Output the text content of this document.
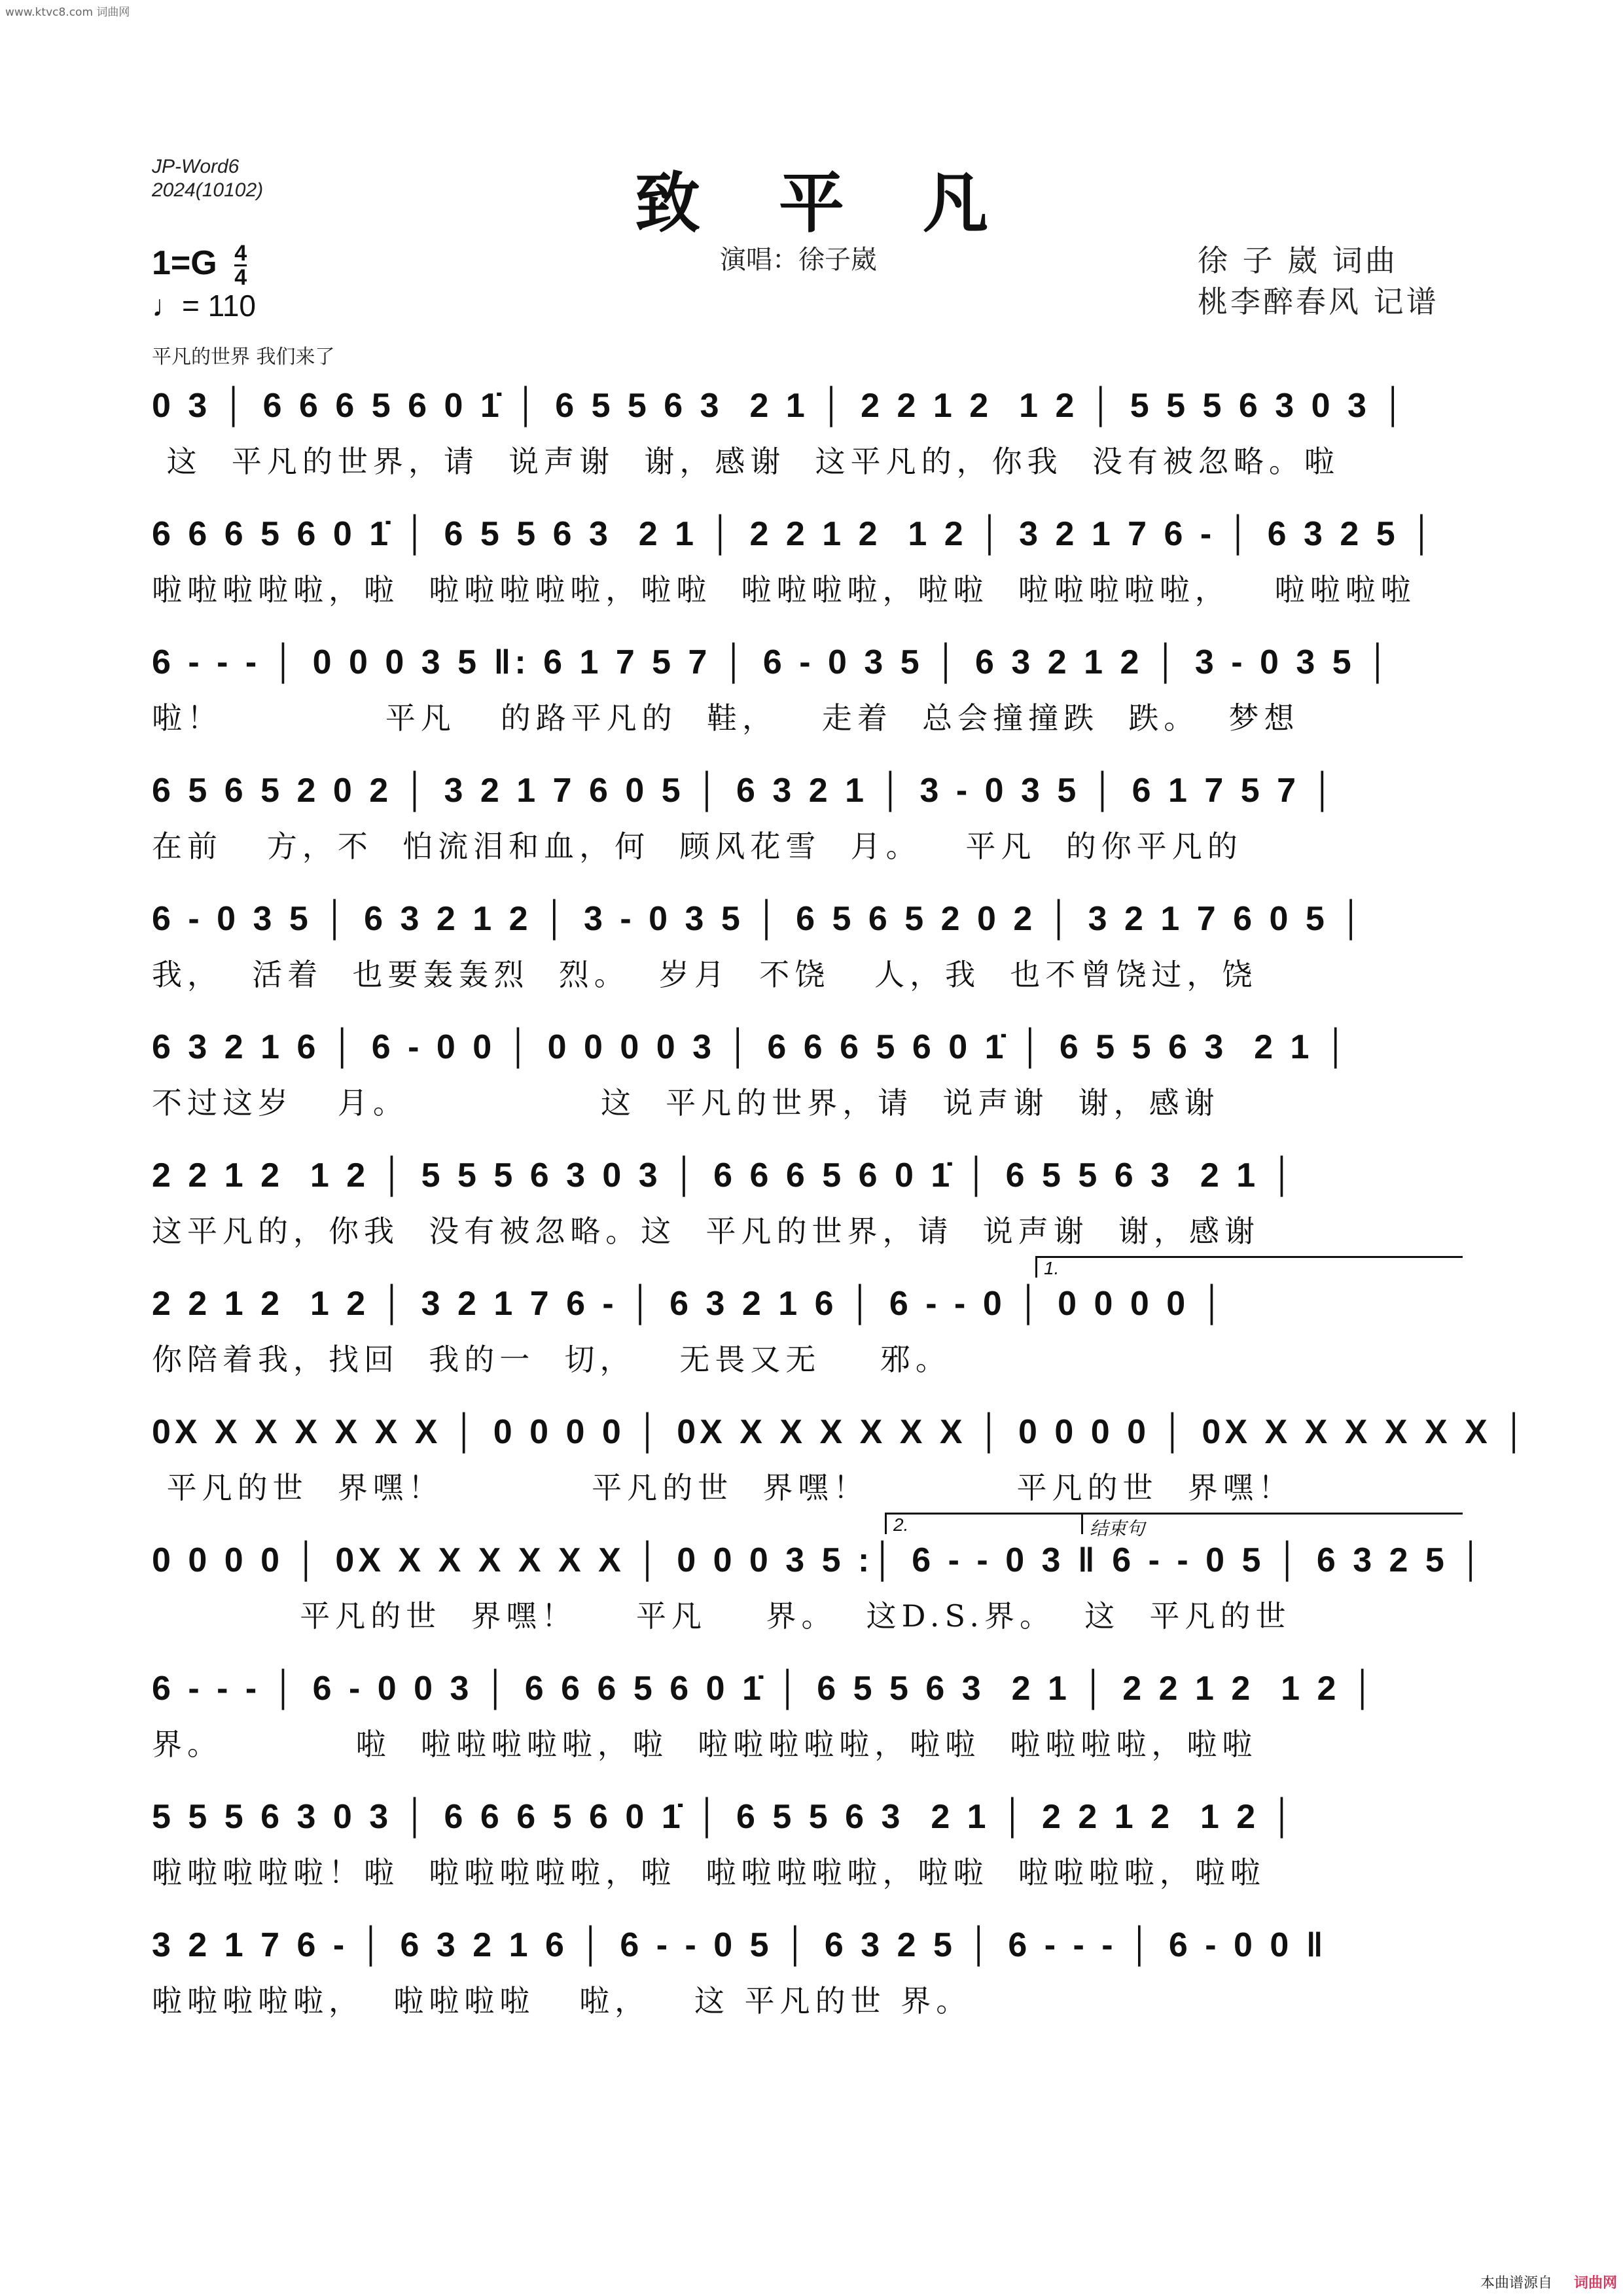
www.ktvc8.com 词曲网
JP-Word6
2024(10102)	致平凡
$1=G \frac{4}{4}$
♩= 110
演唱：徐子崴	徐 子 崴 词曲
桃李醉春风 记谱
平凡的世界 我们来了
0 3 │ 6 6 6 5 6 0 1̇ │ 6 5 5 6 3  2 1 │ 2 2 1 2  1 2 │ 5 5 5 6 3 0 3 │
这  平凡的世界，请  说声谢  谢，感谢  这平凡的，你我  没有被忽略。啦
6 6 6 5 6 0 1̇ │ 6 5 5 6 3  2 1 │ 2 2 1 2  1 2 │ 3 2 1 7 6 - │ 6 3 2 5 │
啦啦啦啦啦，啦  啦啦啦啦啦，啦啦  啦啦啦啦，啦啦  啦啦啦啦啦，   啦啦啦啦
6 - - - │ 0 0 0 3 5 ‖: 6 1 7 5 7 │ 6 - 0 3 5 │ 6 3 2 1 2 │ 3 - 0 3 5 │
啦！           平凡   的路平凡的  鞋，   走着  总会撞撞跌  跌。  梦想
6 5 6 5 2 0 2 │ 3 2 1 7 6 0 5 │ 6 3 2 1 │ 3 - 0 3 5 │ 6 1 7 5 7 │
在前   方，不  怕流泪和血，何  顾风花雪  月。   平凡  的你平凡的
6 - 0 3 5 │ 6 3 2 1 2 │ 3 - 0 3 5 │ 6 5 6 5 2 0 2 │ 3 2 1 7 6 0 5 │
我，  活着  也要轰轰烈  烈。  岁月  不饶   人，我  也不曾饶过，饶
6 3 2 1 6 │ 6 - 0 0 │ 0 0 0 0 3 │ 6 6 6 5 6 0 1̇ │ 6 5 5 6 3  2 1 │
不过这岁   月。             这  平凡的世界，请  说声谢  谢，感谢
2 2 1 2  1 2 │ 5 5 5 6 3 0 3 │ 6 6 6 5 6 0 1̇ │ 6 5 5 6 3  2 1 │
这平凡的，你我  没有被忽略。这  平凡的世界，请  说声谢  谢，感谢
2 2 1 2  1 2 │ 3 2 1 7 6 - │ 6 3 2 1 6 │ 6 - - 0 │ 0 0 0 0 │
你陪着我，找回  我的一  切，   无畏又无    邪。
1.
0X X X X X X X │ 0 0 0 0 │ 0X X X X X X X │ 0 0 0 0 │ 0X X X X X X X │
平凡的世  界嘿！          平凡的世  界嘿！          平凡的世  界嘿！
0 0 0 0 │ 0X X X X X X X │ 0 0 0 3 5 :│ 6 - - 0 3 ‖ 6 - - 0 5 │ 6 3 2 5 │
平凡的世  界嘿！    平凡    界。  这D.S.界。  这  平凡的世
2.	结束句
6 - - - │ 6 - 0 0 3 │ 6 6 6 5 6 0 1̇ │ 6 5 5 6 3  2 1 │ 2 2 1 2  1 2 │
界。         啦  啦啦啦啦啦，啦  啦啦啦啦啦，啦啦  啦啦啦啦，啦啦
5 5 5 6 3 0 3 │ 6 6 6 5 6 0 1̇ │ 6 5 5 6 3  2 1 │ 2 2 1 2  1 2 │
啦啦啦啦啦！啦  啦啦啦啦啦，啦  啦啦啦啦啦，啦啦  啦啦啦啦，啦啦
3 2 1 7 6 - │ 6 3 2 1 6 │ 6 - - 0 5 │ 6 3 2 5 │ 6 - - - │ 6 - 0 0 ‖
啦啦啦啦啦，  啦啦啦啦   啦，   这 平凡的世 界。
本曲谱源自 词曲网
